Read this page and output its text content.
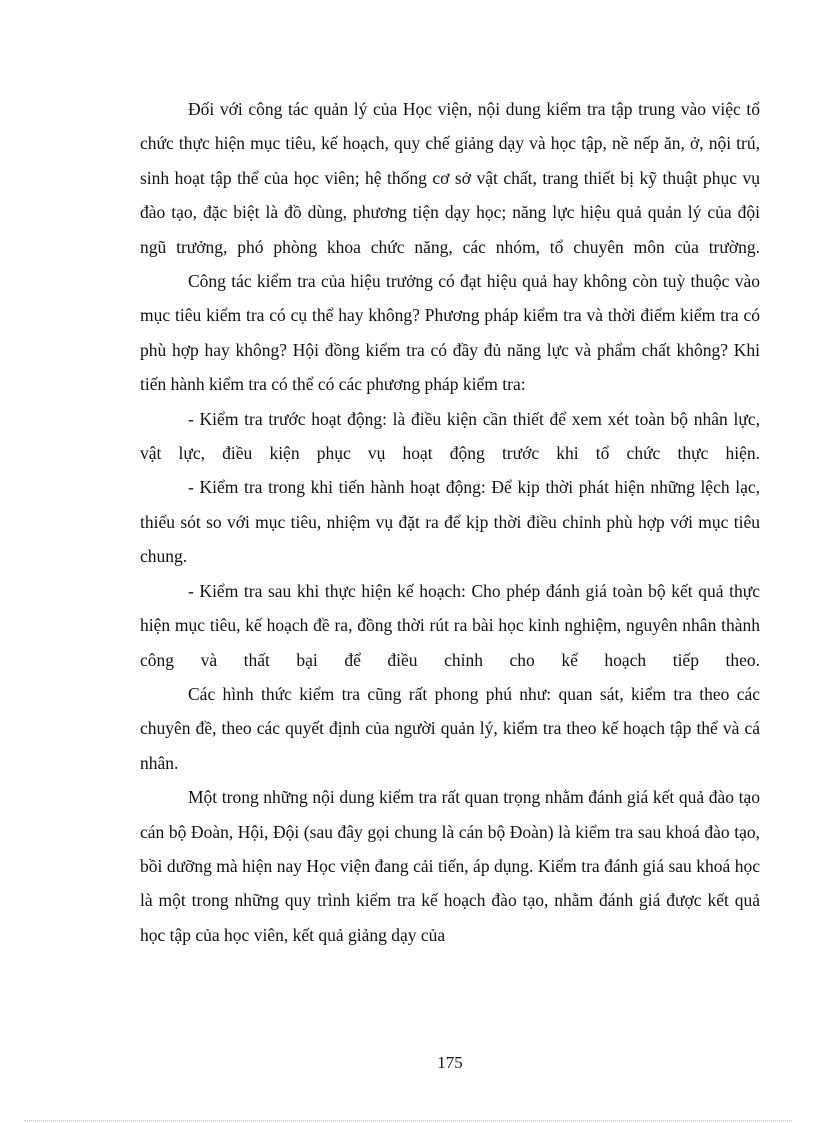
Đối với công tác quản lý của Học viện, nội dung kiểm tra tập trung vào việc tổ chức thực hiện mục tiêu, kế hoạch, quy chế giảng dạy và học tập, nề nếp ăn, ở, nội trú, sinh hoạt tập thể của học viên; hệ thống cơ sở vật chất, trang thiết bị kỹ thuật phục vụ đào tạo, đặc biệt là đồ dùng, phương tiện dạy học; năng lực hiệu quả quản lý của đội ngũ trưởng, phó phòng khoa chức năng, các nhóm, tổ chuyên môn của trường.

Công tác kiểm tra của hiệu trưởng có đạt hiệu quả hay không còn tuỳ thuộc vào mục tiêu kiểm tra có cụ thể hay không? Phương pháp kiểm tra và thời điểm kiểm tra có phù hợp hay không? Hội đồng kiểm tra có đầy đủ năng lực và phẩm chất không? Khi tiến hành kiểm tra có thể có các phương pháp kiểm tra:

- Kiểm tra trước hoạt động: là điều kiện cần thiết để xem xét toàn bộ nhân lực, vật lực, điều kiện phục vụ hoạt động trước khi tổ chức thực hiện.

- Kiểm tra trong khi tiến hành hoạt động: Để kịp thời phát hiện những lệch lạc, thiếu sót so với mục tiêu, nhiệm vụ đặt ra để kịp thời điều chỉnh phù hợp với mục tiêu chung.

- Kiểm tra sau khi thực hiện kế hoạch: Cho phép đánh giá toàn bộ kết quả thực hiện mục tiêu, kế hoạch đề ra, đồng thời rút ra bài học kinh nghiệm, nguyên nhân thành công và thất bại để điều chỉnh cho kế hoạch tiếp theo.

Các hình thức kiểm tra cũng rất phong phú như: quan sát, kiểm tra theo các chuyên đề, theo các quyết định của người quản lý, kiểm tra theo kế hoạch tập thể và cá nhân.

Một trong những nội dung kiểm tra rất quan trọng nhằm đánh giá kết quả đào tạo cán bộ Đoàn, Hội, Đội (sau đây gọi chung là cán bộ Đoàn) là kiểm tra sau khoá đào tạo, bồi dưỡng mà hiện nay Học viện đang cải tiến, áp dụng. Kiểm tra đánh giá sau khoá học là một trong những quy trình kiểm tra kế hoạch đào tạo, nhằm đánh giá được kết quả học tập của học viên, kết quả giảng dạy của

175
